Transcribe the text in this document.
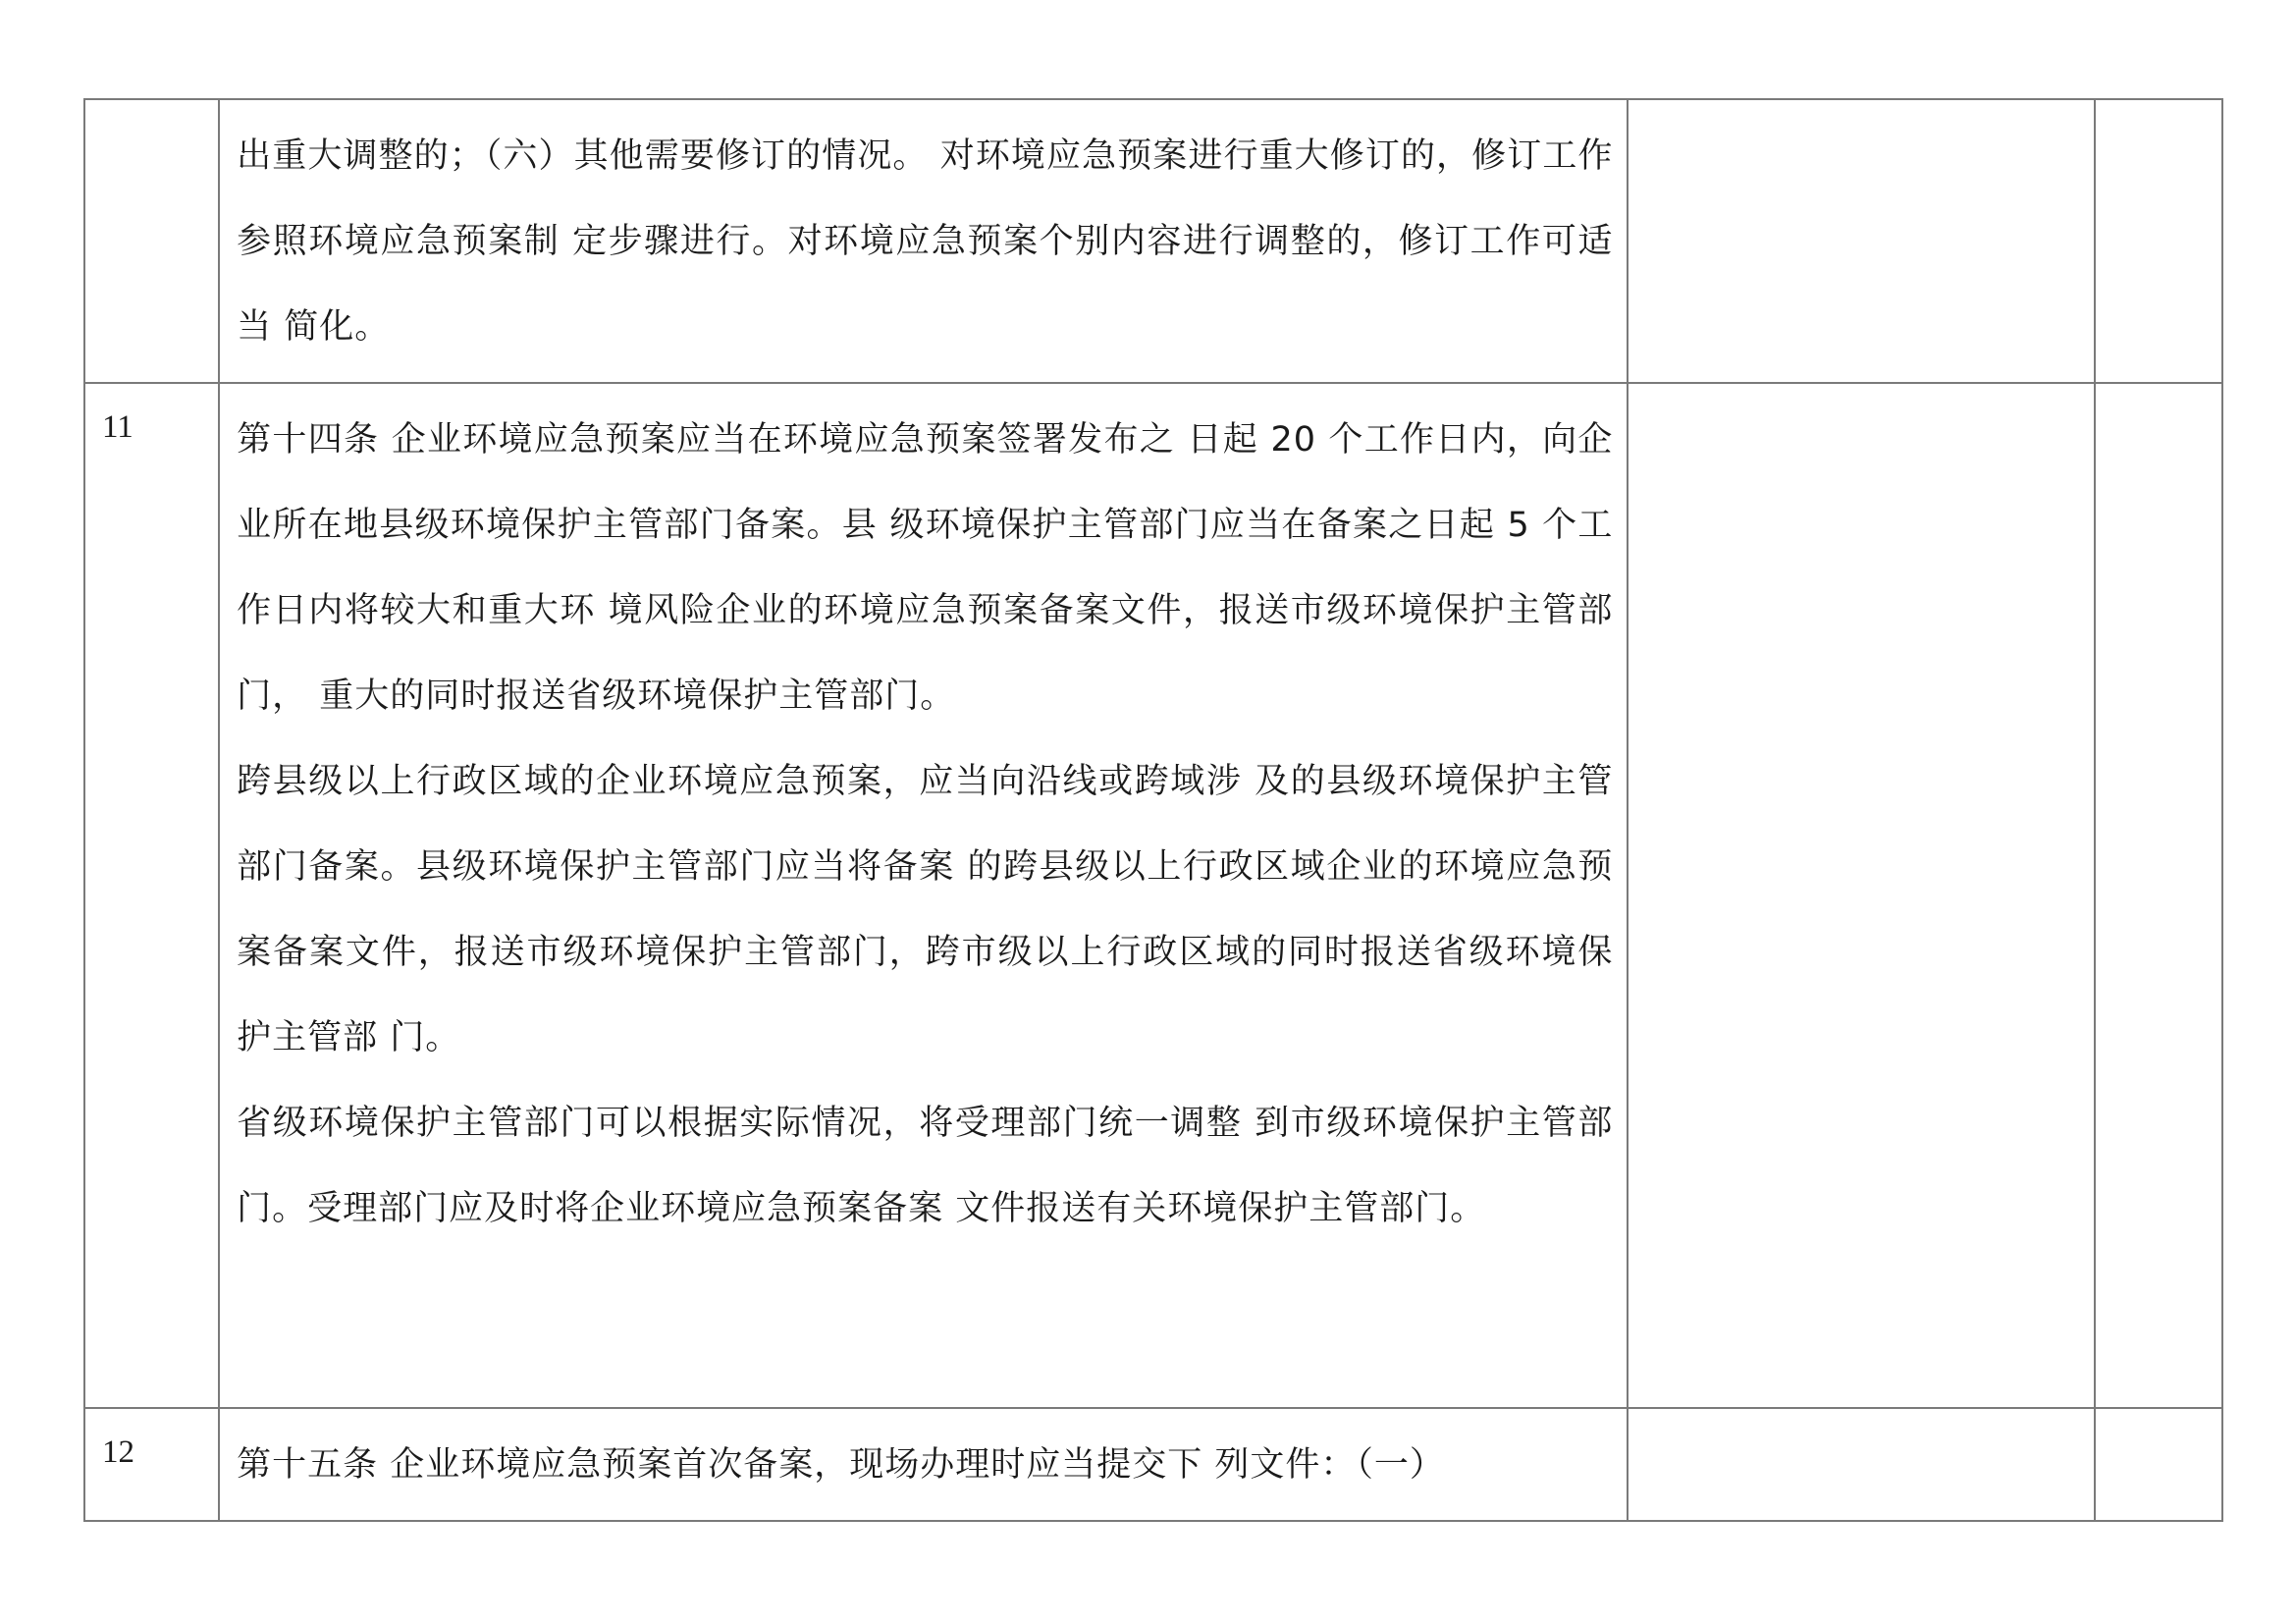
	出重大调整的；（六）其他需要修订的情况。 对环境应急预案进行重大修订的，修订工作参照环境应急预案制 定步骤进行。对环境应急预案个别内容进行调整的，修订工作可适当 简化。		

11	第十四条 企业环境应急预案应当在环境应急预案签署发布之 日起 20 个工作日内，向企业所在地县级环境保护主管部门备案。县 级环境保护主管部门应当在备案之日起 5 个工作日内将较大和重大环 境风险企业的环境应急预案备案文件，报送市级环境保护主管部门， 重大的同时报送省级环境保护主管部门。

跨县级以上行政区域的企业环境应急预案，应当向沿线或跨域涉 及的县级环境保护主管部门备案。县级环境保护主管部门应当将备案 的跨县级以上行政区域企业的环境应急预案备案文件，报送市级环境保护主管部门，跨市级以上行政区域的同时报送省级环境保护主管部 门。

省级环境保护主管部门可以根据实际情况，将受理部门统一调整 到市级环境保护主管部门。受理部门应及时将企业环境应急预案备案 文件报送有关环境保护主管部门。		

12	第十五条 企业环境应急预案首次备案，现场办理时应当提交下 列文件：（一）		
